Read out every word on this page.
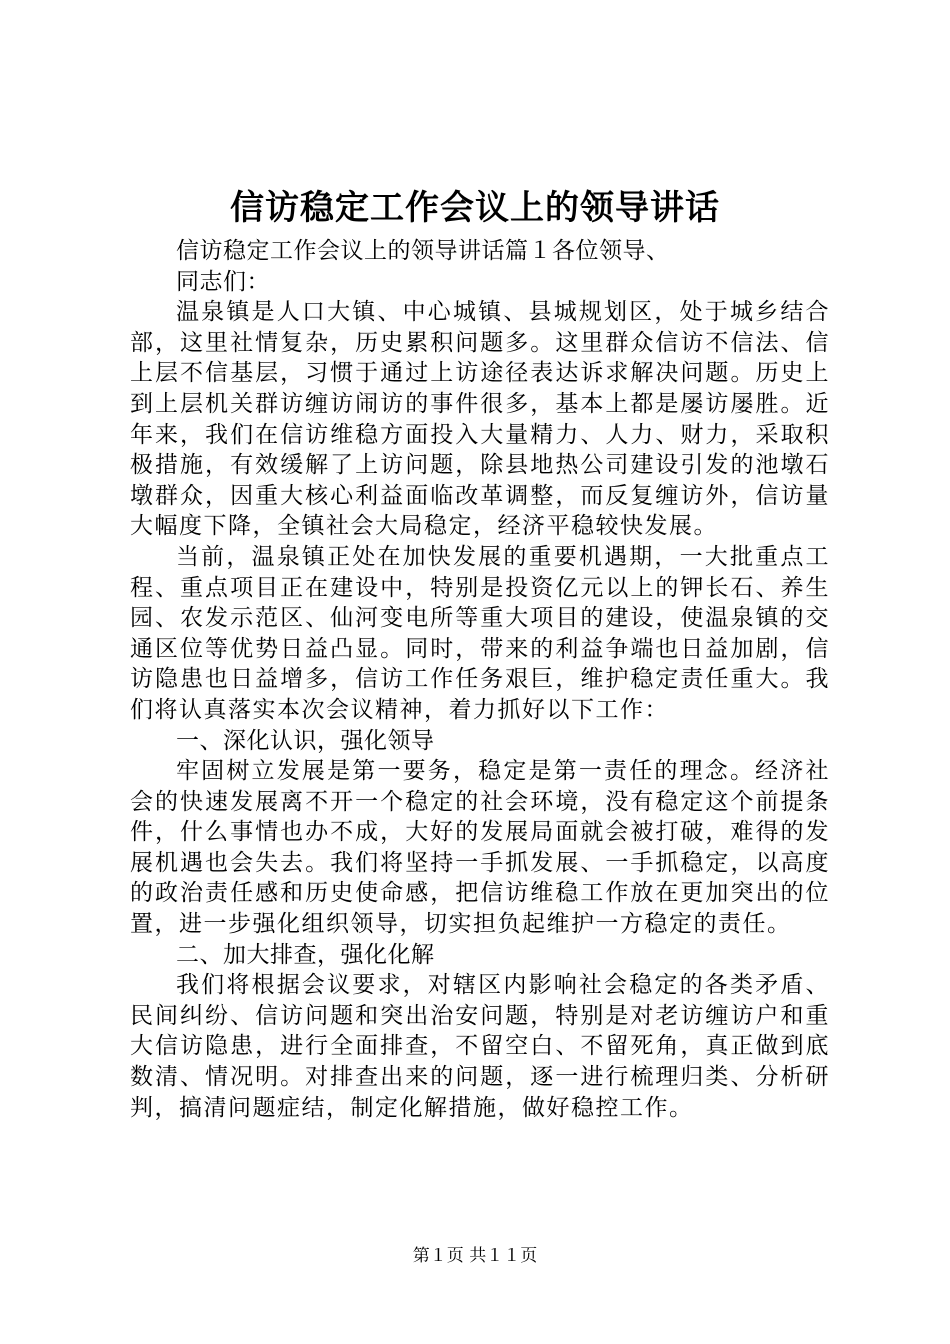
信访稳定工作会议上的领导讲话

信访稳定工作会议上的领导讲话篇１各位领导、

同志们：

温泉镇是人口大镇、中心城镇、县城规划区，处于城乡结合部，这里社情复杂，历史累积问题多。这里群众信访不信法、信上层不信基层，习惯于通过上访途径表达诉求解决问题。历史上到上层机关群访缠访闹访的事件很多，基本上都是屡访屡胜。近年来，我们在信访维稳方面投入大量精力、人力、财力，采取积极措施，有效缓解了上访问题，除县地热公司建设引发的池墩石墩群众，因重大核心利益面临改革调整，而反复缠访外，信访量大幅度下降，全镇社会大局稳定，经济平稳较快发展。

当前，温泉镇正处在加快发展的重要机遇期，一大批重点工程、重点项目正在建设中，特别是投资亿元以上的钾长石、养生园、农发示范区、仙河变电所等重大项目的建设，使温泉镇的交通区位等优势日益凸显。同时，带来的利益争端也日益加剧，信访隐患也日益增多，信访工作任务艰巨，维护稳定责任重大。我们将认真落实本次会议精神，着力抓好以下工作：

一、深化认识，强化领导

牢固树立发展是第一要务，稳定是第一责任的理念。经济社会的快速发展离不开一个稳定的社会环境，没有稳定这个前提条件，什么事情也办不成，大好的发展局面就会被打破，难得的发展机遇也会失去。我们将坚持一手抓发展、一手抓稳定，以高度的政治责任感和历史使命感，把信访维稳工作放在更加突出的位置，进一步强化组织领导，切实担负起维护一方稳定的责任。

二、加大排查，强化化解

我们将根据会议要求，对辖区内影响社会稳定的各类矛盾、民间纠纷、信访问题和突出治安问题，特别是对老访缠访户和重大信访隐患，进行全面排查，不留空白、不留死角，真正做到底数清、情况明。对排查出来的问题，逐一进行梳理归类、分析研判，搞清问题症结，制定化解措施，做好稳控工作。

第１页 共１１页
